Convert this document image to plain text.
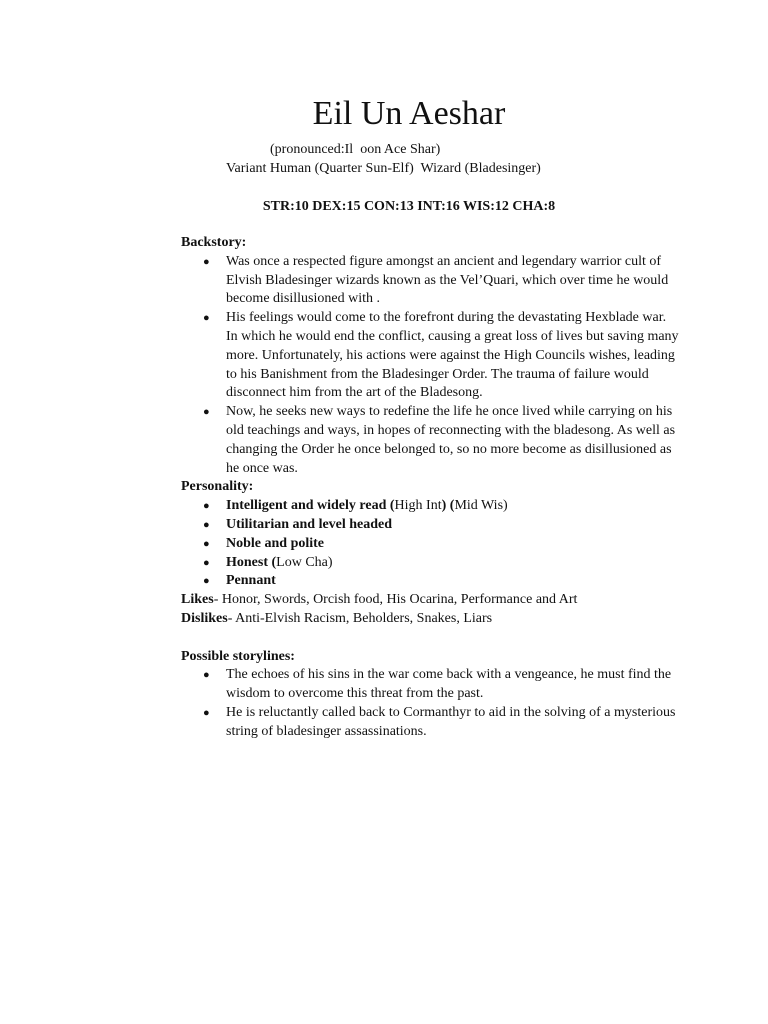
Eil Un Aeshar
(pronounced:Il  oon Ace Shar)
Variant Human (Quarter Sun-Elf)  Wizard (Bladesinger)
STR:10 DEX:15 CON:13 INT:16 WIS:12 CHA:8
Backstory:
● Was once a respected figure amongst an ancient and legendary warrior cult of Elvish Bladesinger wizards known as the Vel’Quari, which over time he would become disillusioned with .
● His feelings would come to the forefront during the devastating Hexblade war. In which he would end the conflict, causing a great loss of lives but saving many more. Unfortunately, his actions were against the High Councils wishes, leading to his Banishment from the Bladesinger Order. The trauma of failure would disconnect him from the art of the Bladesong.
● Now, he seeks new ways to redefine the life he once lived while carrying on his old teachings and ways, in hopes of reconnecting with the bladesong. As well as changing the Order he once belonged to, so no more become as disillusioned as he once was.
Personality:
● Intelligent and widely read (High Int) (Mid Wis)
● Utilitarian and level headed
● Noble and polite
● Honest (Low Cha)
● Pennant
Likes- Honor, Swords, Orcish food, His Ocarina, Performance and Art
Dislikes- Anti-Elvish Racism, Beholders, Snakes, Liars
Possible storylines:
● The echoes of his sins in the war come back with a vengeance, he must find the wisdom to overcome this threat from the past.
● He is reluctantly called back to Cormanthyr to aid in the solving of a mysterious string of bladesinger assassinations.
